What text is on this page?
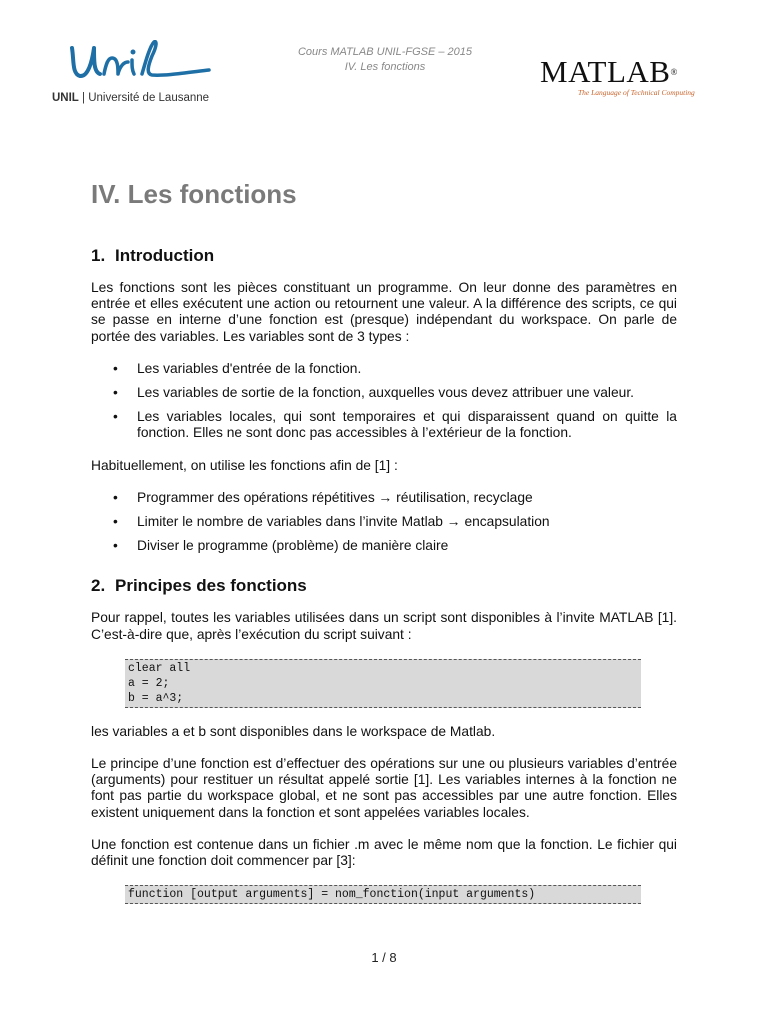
UNIL | Université de Lausanne
Cours MATLAB UNIL-FGSE – 2015
IV. Les fonctions	MATLAB®
The Language of Technical Computing
IV. Les fonctions
1. Introduction

Les fonctions sont les pièces constituant un programme. On leur donne des paramètres en entrée et elles exécutent une action ou retournent une valeur. A la différence des scripts, ce qui se passe en interne d’une fonction est (presque) indépendant du workspace. On parle de portée des variables. Les variables sont de 3 types :

• Les variables d'entrée de la fonction.
• Les variables de sortie de la fonction, auxquelles vous devez attribuer une valeur.
• Les variables locales, qui sont temporaires et qui disparaissent quand on quitte la fonction. Elles ne sont donc pas accessibles à l’extérieur de la fonction.

Habituellement, on utilise les fonctions afin de [1] :

• Programmer des opérations répétitives → réutilisation, recyclage
• Limiter le nombre de variables dans l’invite Matlab → encapsulation
• Diviser le programme (problème) de manière claire
2. Principes des fonctions

Pour rappel, toutes les variables utilisées dans un script sont disponibles à l’invite MATLAB [1]. C’est-à-dire que, après l’exécution du script suivant :

clear all
a = 2;
b = a^3;

les variables a et b sont disponibles dans le workspace de Matlab.

Le principe d’une fonction est d’effectuer des opérations sur une ou plusieurs variables d’entrée (arguments) pour restituer un résultat appelé sortie [1]. Les variables internes à la fonction ne font pas partie du workspace global, et ne sont pas accessibles par une autre fonction. Elles existent uniquement dans la fonction et sont appelées variables locales.

Une fonction est contenue dans un fichier .m avec le même nom que la fonction. Le fichier qui définit une fonction doit commencer par [3]:

function [output arguments] = nom_fonction(input arguments)
1 / 8
